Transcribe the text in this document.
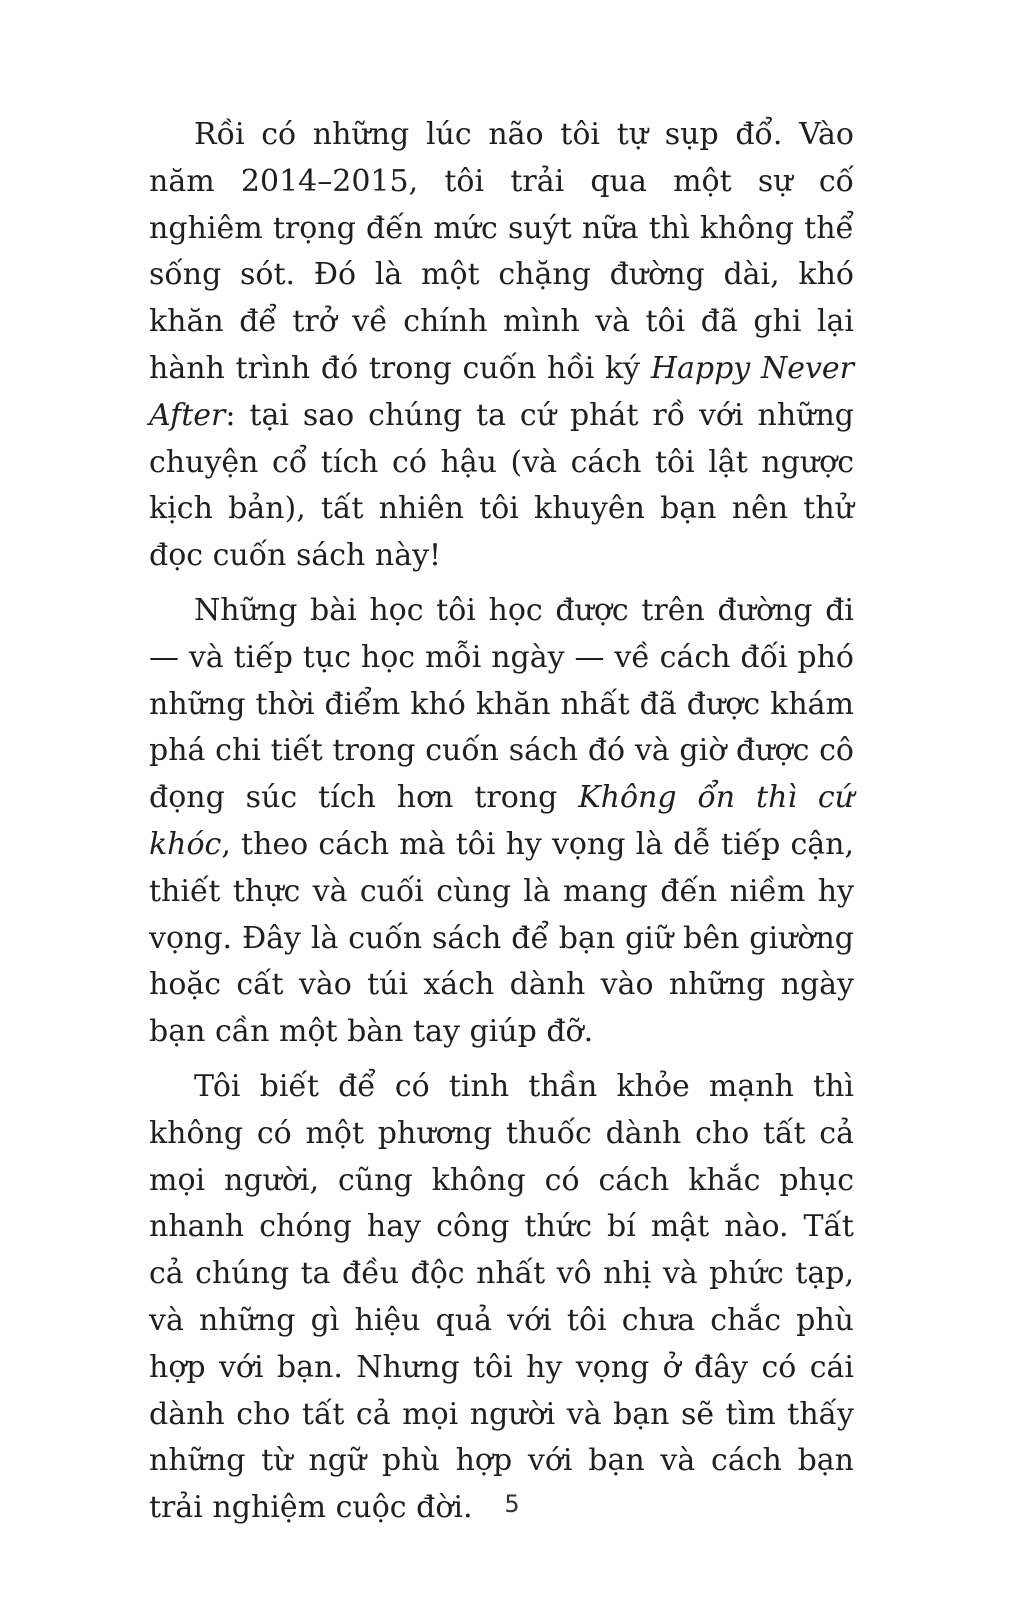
Rồi có những lúc não tôi tự sụp đổ. Vào năm 2014–2015, tôi trải qua một sự cố nghiêm trọng đến mức suýt nữa thì không thể sống sót. Đó là một chặng đường dài, khó khăn để trở về chính mình và tôi đã ghi lại hành trình đó trong cuốn hồi ký Happy Never After: tại sao chúng ta cứ phát rồ với những chuyện cổ tích có hậu (và cách tôi lật ngược kịch bản), tất nhiên tôi khuyên bạn nên thử đọc cuốn sách này!

Những bài học tôi học được trên đường đi — và tiếp tục học mỗi ngày — về cách đối phó những thời điểm khó khăn nhất đã được khám phá chi tiết trong cuốn sách đó và giờ được cô đọng súc tích hơn trong Không ổn thì cứ khóc, theo cách mà tôi hy vọng là dễ tiếp cận, thiết thực và cuối cùng là mang đến niềm hy vọng. Đây là cuốn sách để bạn giữ bên giường hoặc cất vào túi xách dành vào những ngày bạn cần một bàn tay giúp đỡ.

Tôi biết để có tinh thần khỏe mạnh thì không có một phương thuốc dành cho tất cả mọi người, cũng không có cách khắc phục nhanh chóng hay công thức bí mật nào. Tất cả chúng ta đều độc nhất vô nhị và phức tạp, và những gì hiệu quả với tôi chưa chắc phù hợp với bạn. Nhưng tôi hy vọng ở đây có cái dành cho tất cả mọi người và bạn sẽ tìm thấy những từ ngữ phù hợp với bạn và cách bạn trải nghiệm cuộc đời.	5
